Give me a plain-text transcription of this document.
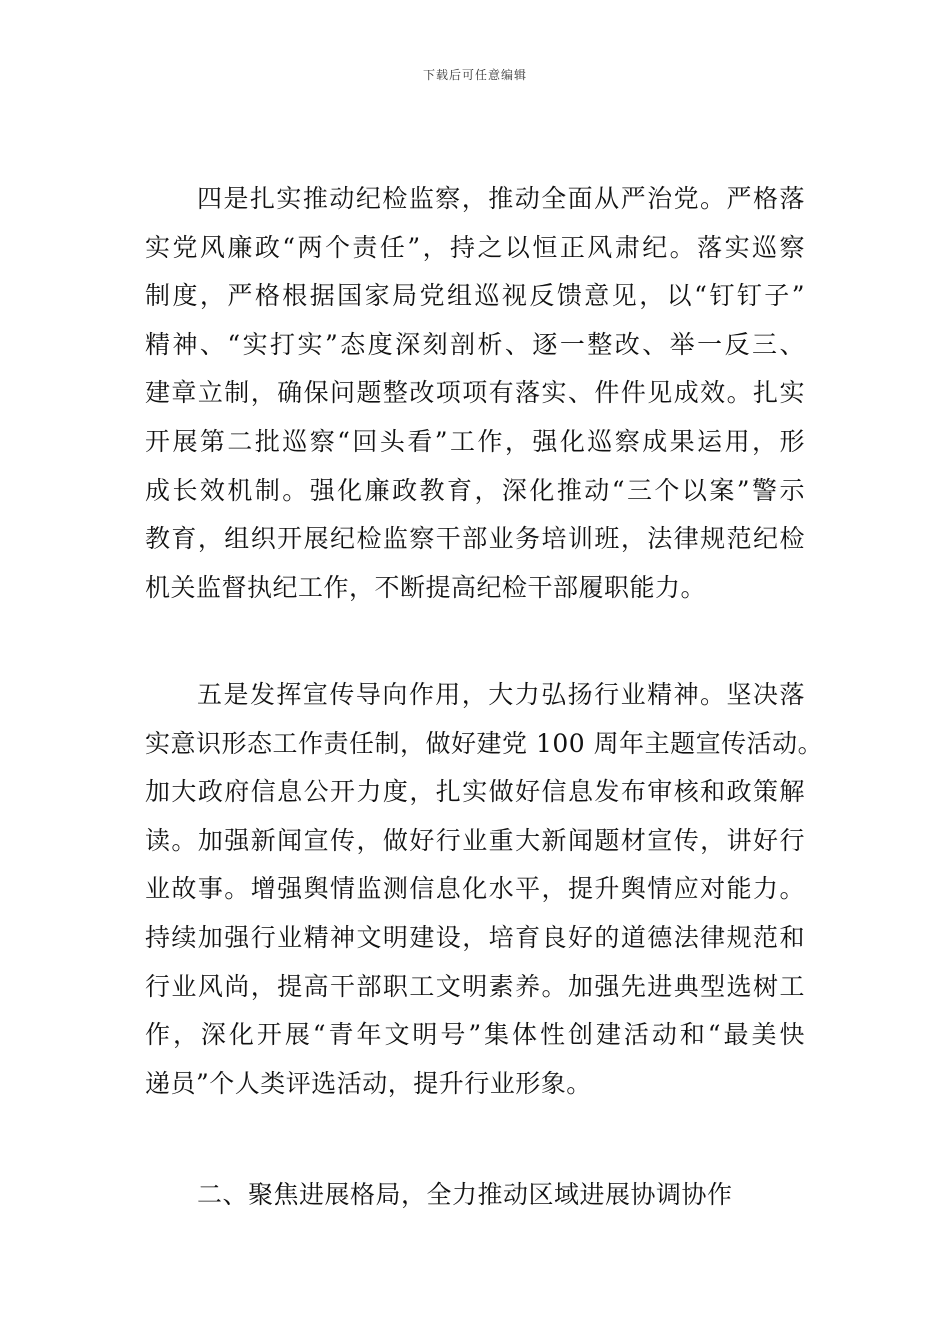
下载后可任意编辑
四是扎实推动纪检监察，推动全面从严治党。严格落
实党风廉政“两个责任”，持之以恒正风肃纪。落实巡察
制度，严格根据国家局党组巡视反馈意见，以“钉钉子”
精神、“实打实”态度深刻剖析、逐一整改、举一反三、
建章立制，确保问题整改项项有落实、件件见成效。扎实
开展第二批巡察“回头看”工作，强化巡察成果运用，形
成长效机制。强化廉政教育，深化推动“三个以案”警示
教育，组织开展纪检监察干部业务培训班，法律规范纪检
机关监督执纪工作，不断提高纪检干部履职能力。
五是发挥宣传导向作用，大力弘扬行业精神。坚决落
实意识形态工作责任制，做好建党 100 周年主题宣传活动。
加大政府信息公开力度，扎实做好信息发布审核和政策解
读。加强新闻宣传，做好行业重大新闻题材宣传，讲好行
业故事。增强舆情监测信息化水平，提升舆情应对能力。
持续加强行业精神文明建设，培育良好的道德法律规范和
行业风尚，提高干部职工文明素养。加强先进典型选树工
作，深化开展“青年文明号”集体性创建活动和“最美快
递员”个人类评选活动，提升行业形象。
二、聚焦进展格局，全力推动区域进展协调协作
